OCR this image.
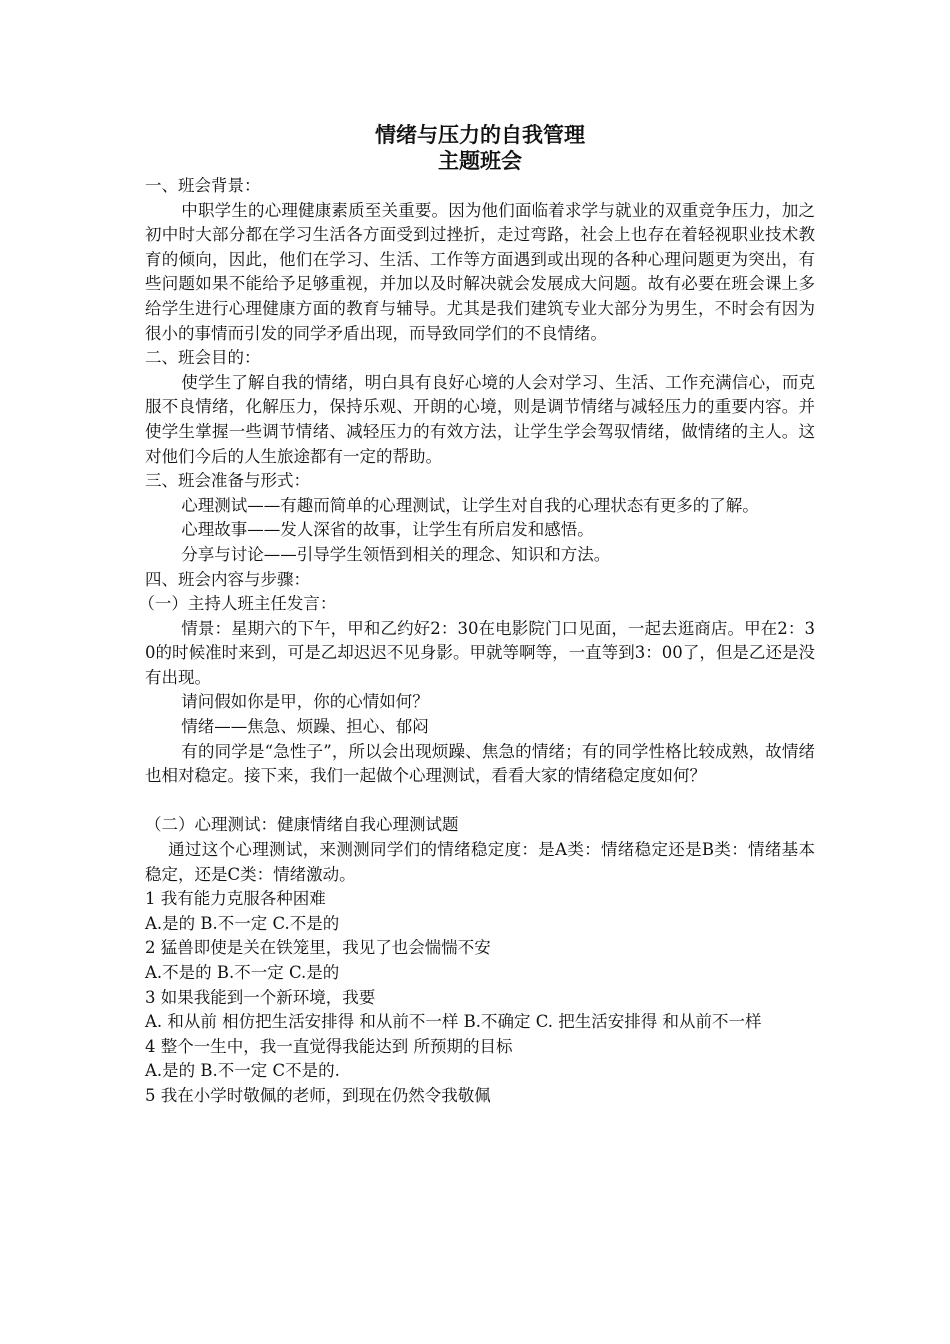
情绪与压力的自我管理
主题班会

一、班会背景：

中职学生的心理健康素质至关重要。因为他们面临着求学与就业的双重竞争压力，加之初中时大部分都在学习生活各方面受到过挫折，走过弯路，社会上也存在着轻视职业技术教育的倾向，因此，他们在学习、生活、工作等方面遇到或出现的各种心理问题更为突出，有些问题如果不能给予足够重视，并加以及时解决就会发展成大问题。故有必要在班会课上多给学生进行心理健康方面的教育与辅导。尤其是我们建筑专业大部分为男生，不时会有因为很小的事情而引发的同学矛盾出现，而导致同学们的不良情绪。

二、班会目的：

使学生了解自我的情绪，明白具有良好心境的人会对学习、生活、工作充满信心，而克服不良情绪，化解压力，保持乐观、开朗的心境，则是调节情绪与减轻压力的重要内容。并使学生掌握一些调节情绪、减轻压力的有效方法，让学生学会驾驭情绪，做情绪的主人。这对他们今后的人生旅途都有一定的帮助。

三、班会准备与形式：

心理测试——有趣而简单的心理测试，让学生对自我的心理状态有更多的了解。

心理故事——发人深省的故事，让学生有所启发和感悟。

分享与讨论——引导学生领悟到相关的理念、知识和方法。

四、班会内容与步骤：

（一）主持人班主任发言：

情景：星期六的下午，甲和乙约好2：30在电影院门口见面，一起去逛商店。甲在2：30的时候准时来到，可是乙却迟迟不见身影。甲就等啊等，一直等到3：00了，但是乙还是没有出现。

请问假如你是甲，你的心情如何？

情绪——焦急、烦躁、担心、郁闷

有的同学是“急性子”，所以会出现烦躁、焦急的情绪；有的同学性格比较成熟，故情绪也相对稳定。接下来，我们一起做个心理测试，看看大家的情绪稳定度如何？

（二）心理测试：健康情绪自我心理测试题

通过这个心理测试，来测测同学们的情绪稳定度：是A类：情绪稳定还是B类：情绪基本稳定，还是C类：情绪激动。

1 我有能力克服各种困难

A.是的 B.不一定 C.不是的

2 猛兽即使是关在铁笼里，我见了也会惴惴不安

A.不是的 B.不一定 C.是的

3 如果我能到一个新环境，我要

A. 和从前 相仿把生活安排得 和从前不一样 B.不确定 C. 把生活安排得 和从前不一样

4 整个一生中，我一直觉得我能达到 所预期的目标

A.是的 B.不一定 C不是的.

5 我在小学时敬佩的老师，到现在仍然令我敬佩
